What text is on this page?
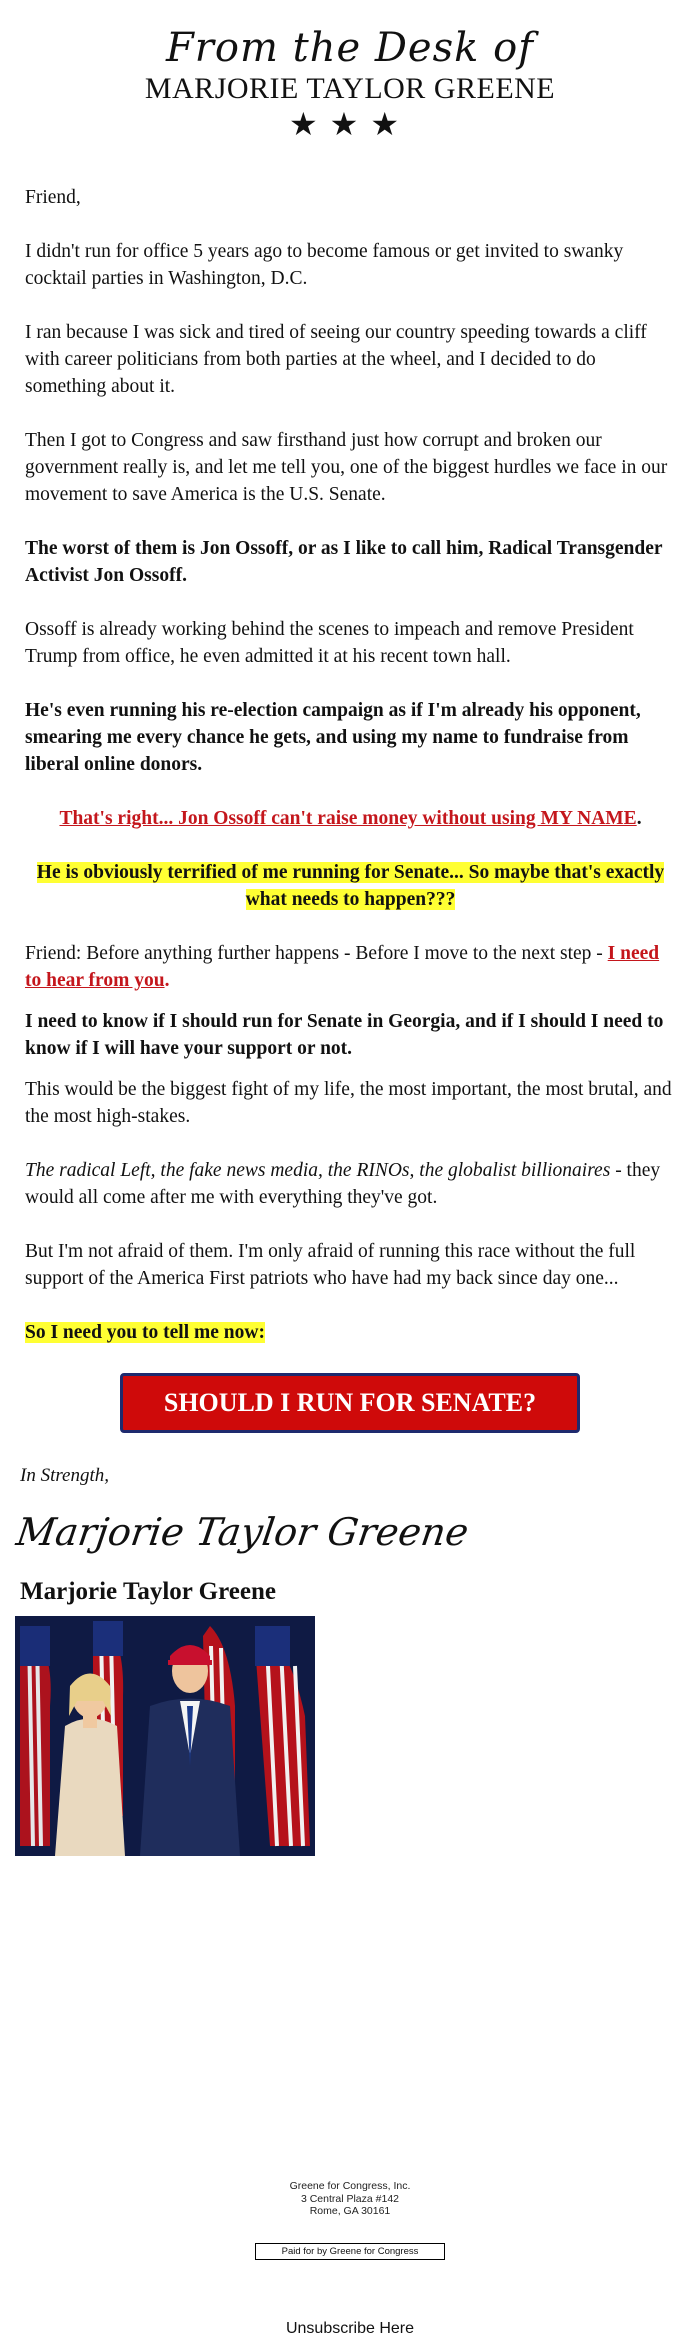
From the Desk of
MARJORIE TAYLOR GREENE
★★★

Friend,

I didn't run for office 5 years ago to become famous or get invited to swanky cocktail parties in Washington, D.C.

I ran because I was sick and tired of seeing our country speeding towards a cliff with career politicians from both parties at the wheel, and I decided to do something about it.

Then I got to Congress and saw firsthand just how corrupt and broken our government really is, and let me tell you, one of the biggest hurdles we face in our movement to save America is the U.S. Senate.

The worst of them is Jon Ossoff, or as I like to call him, Radical Transgender Activist Jon Ossoff.

Ossoff is already working behind the scenes to impeach and remove President Trump from office, he even admitted it at his recent town hall.

He's even running his re-election campaign as if I'm already his opponent, smearing me every chance he gets, and using my name to fundraise from liberal online donors.

That's right... Jon Ossoff can't raise money without using MY NAME.

He is obviously terrified of me running for Senate... So maybe that's exactly what needs to happen???

Friend: Before anything further happens - Before I move to the next step - I need to hear from you.

I need to know if I should run for Senate in Georgia, and if I should I need to know if I will have your support or not.

This would be the biggest fight of my life, the most important, the most brutal, and the most high-stakes.

The radical Left, the fake news media, the RINOs, the globalist billionaires - they would all come after me with everything they've got.

But I'm not afraid of them. I'm only afraid of running this race without the full support of the America First patriots who have had my back since day one...

So I need you to tell me now:

SHOULD I RUN FOR SENATE?
In Strength,
Marjorie Taylor Greene
Marjorie Taylor Greene
Greene for Congress, Inc.
3 Central Plaza #142
Rome, GA 30161
Paid for by Greene for Congress
Unsubscribe Here
